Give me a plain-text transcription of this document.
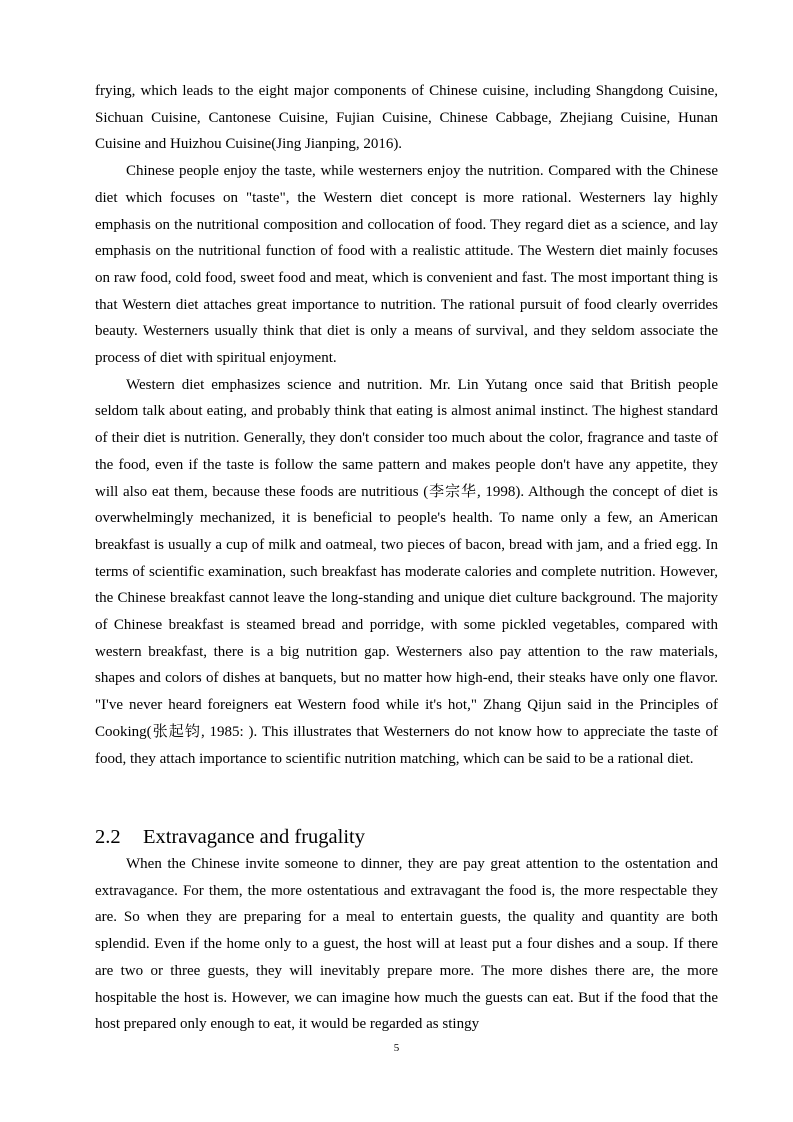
frying, which leads to the eight major components of Chinese cuisine, including Shangdong Cuisine, Sichuan Cuisine, Cantonese Cuisine, Fujian Cuisine, Chinese Cabbage, Zhejiang Cuisine, Hunan Cuisine and Huizhou Cuisine(Jing Jianping, 2016).

Chinese people enjoy the taste, while westerners enjoy the nutrition. Compared with the Chinese diet which focuses on "taste", the Western diet concept is more rational. Westerners lay highly emphasis on the nutritional composition and collocation of food. They regard diet as a science, and lay emphasis on the nutritional function of food with a realistic attitude. The Western diet mainly focuses on raw food, cold food, sweet food and meat, which is convenient and fast. The most important thing is that Western diet attaches great importance to nutrition. The rational pursuit of food clearly overrides beauty. Westerners usually think that diet is only a means of survival, and they seldom associate the process of diet with spiritual enjoyment.

Western diet emphasizes science and nutrition. Mr. Lin Yutang once said that British people seldom talk about eating, and probably think that eating is almost animal instinct. The highest standard of their diet is nutrition. Generally, they don't consider too much about the color, fragrance and taste of the food, even if the taste is follow the same pattern and makes people don't have any appetite, they will also eat them, because these foods are nutritious (李宗华, 1998). Although the concept of diet is overwhelmingly mechanized, it is beneficial to people's health. To name only a few, an American breakfast is usually a cup of milk and oatmeal, two pieces of bacon, bread with jam, and a fried egg. In terms of scientific examination, such breakfast has moderate calories and complete nutrition. However, the Chinese breakfast cannot leave the long-standing and unique diet culture background. The majority of Chinese breakfast is steamed bread and porridge, with some pickled vegetables, compared with western breakfast, there is a big nutrition gap. Westerners also pay attention to the raw materials, shapes and colors of dishes at banquets, but no matter how high-end, their steaks have only one flavor. "I've never heard foreigners eat Western food while it's hot," Zhang Qijun said in the Principles of Cooking(张起钧, 1985: ). This illustrates that Westerners do not know how to appreciate the taste of food, they attach importance to scientific nutrition matching, which can be said to be a rational diet.

2.2 Extravagance and frugality

When the Chinese invite someone to dinner, they are pay great attention to the ostentation and extravagance. For them, the more ostentatious and extravagant the food is, the more respectable they are. So when they are preparing for a meal to entertain guests, the quality and quantity are both splendid. Even if the home only to a guest, the host will at least put a four dishes and a soup. If there are two or three guests, they will inevitably prepare more. The more dishes there are, the more hospitable the host is. However, we can imagine how much the guests can eat. But if the food that the host prepared only enough to eat, it would be regarded as stingy

5
